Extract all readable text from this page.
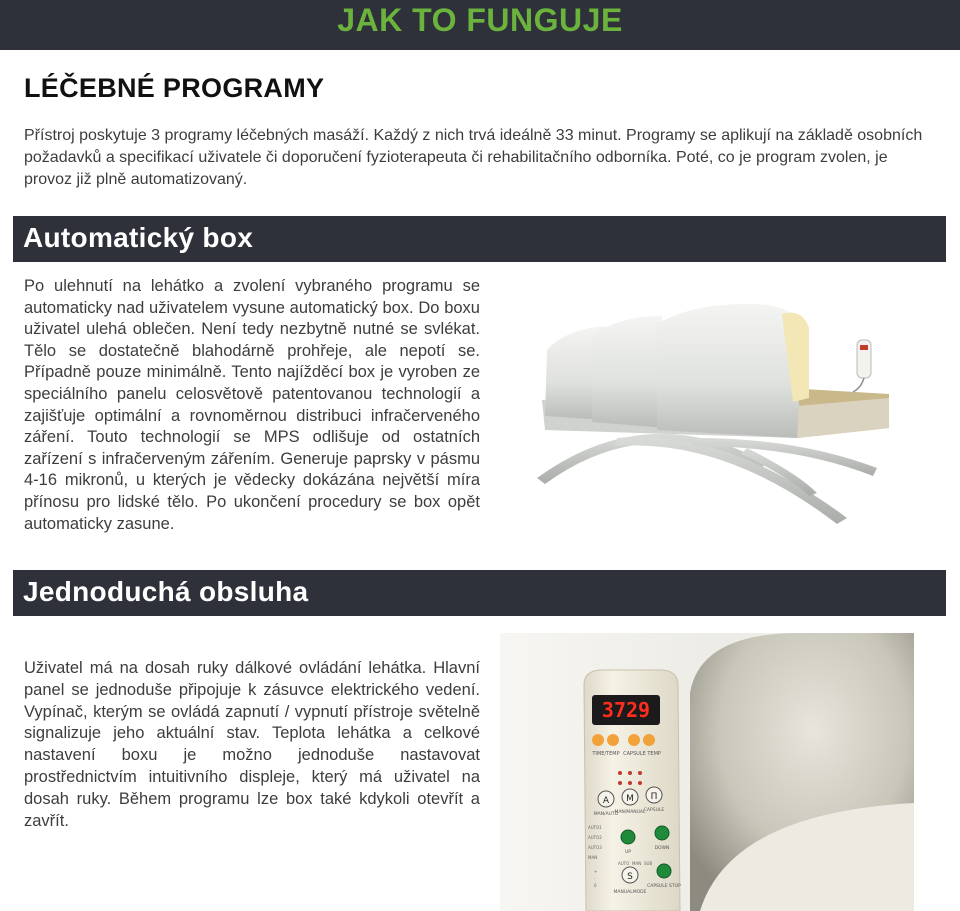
JAK TO FUNGUJE
LÉČEBNÉ PROGRAMY

Přístroj poskytuje 3 programy léčebných masáží. Každý z nich trvá ideálně 33 minut. Programy se aplikují na základě osobních požadavků a specifikací uživatele či doporučení fyzioterapeuta či rehabilitačního odborníka. Poté, co je program zvolen, je provoz již plně automatizovaný.

Automatický box

Po ulehnutí na lehátko a zvolení vybraného programu se automaticky nad uživatelem vysune automatický box. Do boxu uživatel ulehá oblečen. Není tedy nezbytně nutné se svlékat. Tělo se dostatečně blahodárně prohřeje, ale nepotí se. Případně pouze minimálně. Tento najížděcí box je vyroben ze speciálního panelu celosvětově patentovanou technologií a zajišťuje optimální a rovnoměrnou distribuci infračerveného záření. Touto technologií se MPS odlišuje od ostatních zařízení s infračerveným zářením. Generuje paprsky v pásmu 4-16 mikronů, u kterých je vědecky dokázána největší míra přínosu pro lidské tělo. Po ukončení procedury se box opět automaticky zasune.

Jednoduchá obsluha

Uživatel má na dosah ruky dálkové ovládání lehátka. Hlavní panel se jednoduše připojuje k zásuvce elektrického vedení. Vypínač, kterým se ovládá zapnutí / vypnutí přístroje světelně signalizuje jeho aktuální stav. Teplota lehátka a celkové nastavení boxu je možno jednoduše nastavovat prostřednictvím intuitivního displeje, který má uživatel na dosah ruky. Během programu lze box také kdykoli otevřít a zavřít.

3729
TIME/TEMP CAPSULE TEMP
A M Π
MAN/AUTO
MAN/MANUAL
CAPSULE
AUTO1
AUTO2
AUTO3
MAN
UP
DOWN
AUTO MAN SUB
+
-
0
S
MANUALMODE
CAPSULE STOP
